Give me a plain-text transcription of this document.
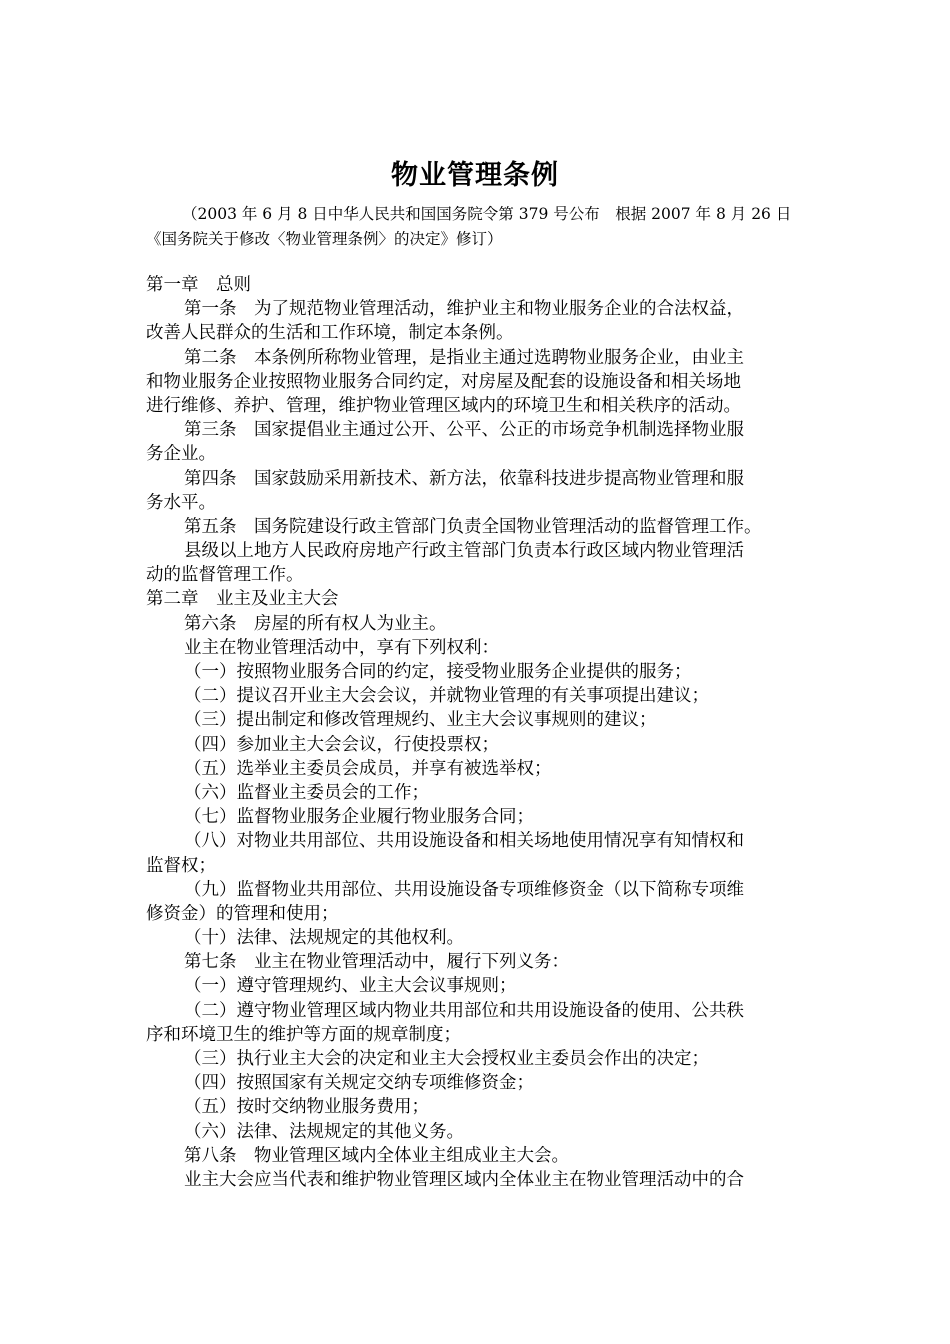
物业管理条例
（2003 年 6 月 8 日中华人民共和国国务院令第 379 号公布　根据 2007 年 8 月 26 日
《国务院关于修改〈物业管理条例〉的决定》修订）
第一章　总则
第一条　为了规范物业管理活动，维护业主和物业服务企业的合法权益，
改善人民群众的生活和工作环境，制定本条例。
第二条　本条例所称物业管理，是指业主通过选聘物业服务企业，由业主
和物业服务企业按照物业服务合同约定，对房屋及配套的设施设备和相关场地
进行维修、养护、管理，维护物业管理区域内的环境卫生和相关秩序的活动。
第三条　国家提倡业主通过公开、公平、公正的市场竞争机制选择物业服
务企业。
第四条　国家鼓励采用新技术、新方法，依靠科技进步提高物业管理和服
务水平。
第五条　国务院建设行政主管部门负责全国物业管理活动的监督管理工作。
县级以上地方人民政府房地产行政主管部门负责本行政区域内物业管理活
动的监督管理工作。
第二章　业主及业主大会
第六条　房屋的所有权人为业主。
业主在物业管理活动中，享有下列权利：
（一）按照物业服务合同的约定，接受物业服务企业提供的服务；
（二）提议召开业主大会会议，并就物业管理的有关事项提出建议；
（三）提出制定和修改管理规约、业主大会议事规则的建议；
（四）参加业主大会会议，行使投票权；
（五）选举业主委员会成员，并享有被选举权；
（六）监督业主委员会的工作；
（七）监督物业服务企业履行物业服务合同；
（八）对物业共用部位、共用设施设备和相关场地使用情况享有知情权和
监督权；
（九）监督物业共用部位、共用设施设备专项维修资金（以下简称专项维
修资金）的管理和使用；
（十）法律、法规规定的其他权利。
第七条　业主在物业管理活动中，履行下列义务：
（一）遵守管理规约、业主大会议事规则；
（二）遵守物业管理区域内物业共用部位和共用设施设备的使用、公共秩
序和环境卫生的维护等方面的规章制度；
（三）执行业主大会的决定和业主大会授权业主委员会作出的决定；
（四）按照国家有关规定交纳专项维修资金；
（五）按时交纳物业服务费用；
（六）法律、法规规定的其他义务。
第八条　物业管理区域内全体业主组成业主大会。
业主大会应当代表和维护物业管理区域内全体业主在物业管理活动中的合
